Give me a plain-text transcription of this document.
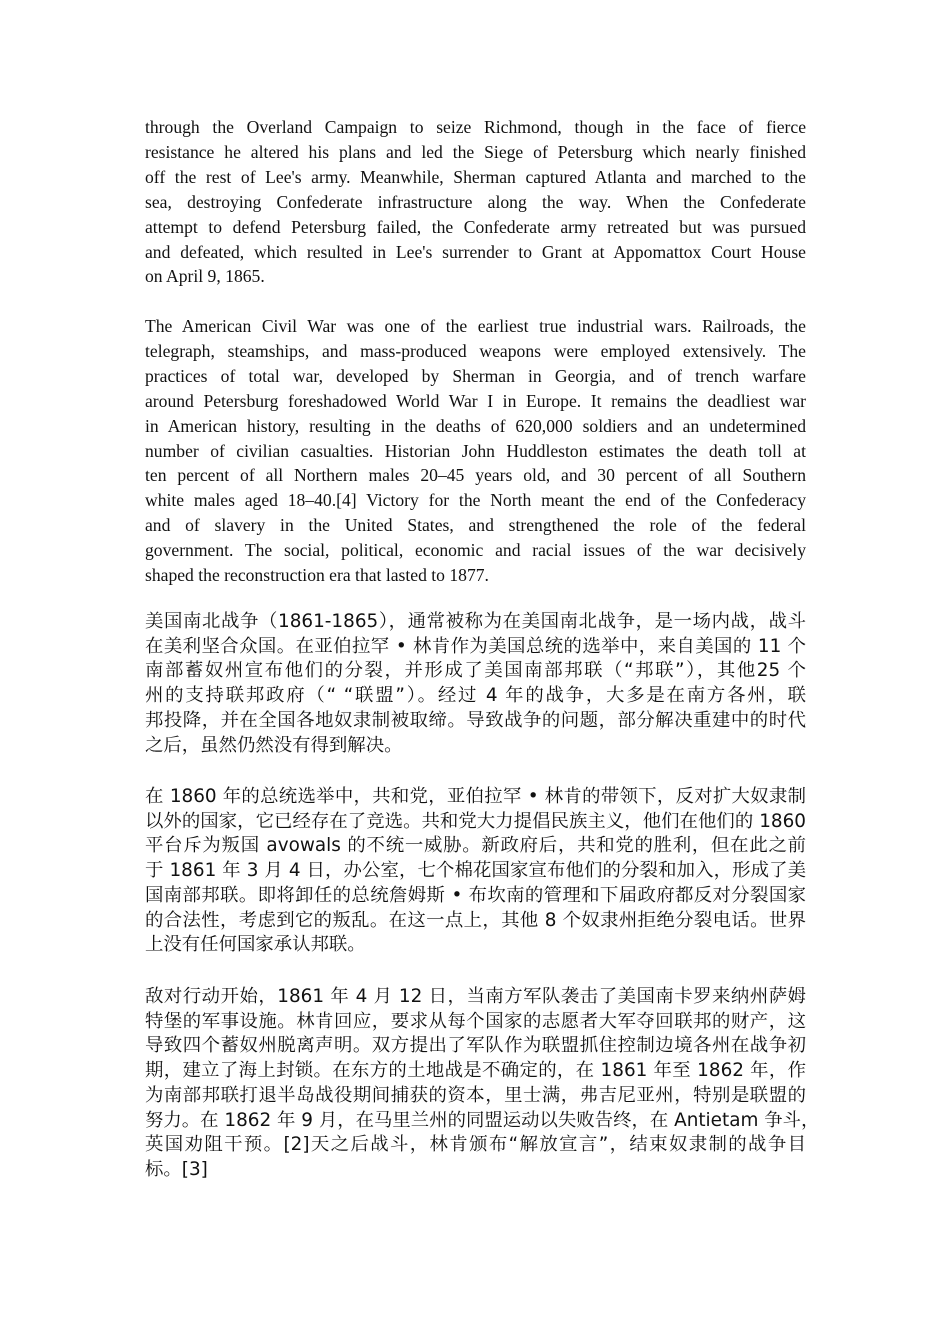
through the Overland Campaign to seize Richmond, though in the face of fierce
resistance he altered his plans and led the Siege of Petersburg which nearly finished
off the rest of Lee's army. Meanwhile, Sherman captured Atlanta and marched to the
sea, destroying Confederate infrastructure along the way. When the Confederate
attempt to defend Petersburg failed, the Confederate army retreated but was pursued
and defeated, which resulted in Lee's surrender to Grant at Appomattox Court House
on April 9, 1865.
The American Civil War was one of the earliest true industrial wars. Railroads, the
telegraph, steamships, and mass-produced weapons were employed extensively. The
practices of total war, developed by Sherman in Georgia, and of trench warfare
around Petersburg foreshadowed World War I in Europe. It remains the deadliest war
in American history, resulting in the deaths of 620,000 soldiers and an undetermined
number of civilian casualties. Historian John Huddleston estimates the death toll at
ten percent of all Northern males 20–45 years old, and 30 percent of all Southern
white males aged 18–40.[4] Victory for the North meant the end of the Confederacy
and of slavery in the United States, and strengthened the role of the federal
government. The social, political, economic and racial issues of the war decisively
shaped the reconstruction era that lasted to 1877.
美国南北战争（1861-1865），通常被称为在美国南北战争，是一场内战，战斗
在美利坚合众国。在亚伯拉罕 • 林肯作为美国总统的选举中，来自美国的 11 个
南部蓄奴州宣布他们的分裂，并形成了美国南部邦联（“邦联”），其他25 个
州的支持联邦政府（“ “联盟”）。经过 4 年的战争，大多是在南方各州，联
邦投降，并在全国各地奴隶制被取缔。导致战争的问题，部分解决重建中的时代
之后，虽然仍然没有得到解决。
在 1860 年的总统选举中，共和党，亚伯拉罕 • 林肯的带领下，反对扩大奴隶制
以外的国家，它已经存在了竞选。共和党大力提倡民族主义，他们在他们的 1860
平台斥为叛国 avowals 的不统一威胁。新政府后，共和党的胜利，但在此之前
于 1861 年 3 月 4 日，办公室，七个棉花国家宣布他们的分裂和加入，形成了美
国南部邦联。即将卸任的总统詹姆斯 • 布坎南的管理和下届政府都反对分裂国家
的合法性，考虑到它的叛乱。在这一点上，其他 8 个奴隶州拒绝分裂电话。世界
上没有任何国家承认邦联。
敌对行动开始，1861 年 4 月 12 日，当南方军队袭击了美国南卡罗来纳州萨姆
特堡的军事设施。林肯回应，要求从每个国家的志愿者大军夺回联邦的财产，这
导致四个蓄奴州脱离声明。双方提出了军队作为联盟抓住控制边境各州在战争初
期，建立了海上封锁。在东方的土地战是不确定的，在 1861 年至 1862 年，作
为南部邦联打退半岛战役期间捕获的资本，里士满，弗吉尼亚州，特别是联盟的
努力。在 1862 年 9 月，在马里兰州的同盟运动以失败告终，在 Antietam 争斗，
英国劝阻干预。[2]天之后战斗，林肯颁布“解放宣言”，结束奴隶制的战争目
标。[3]
